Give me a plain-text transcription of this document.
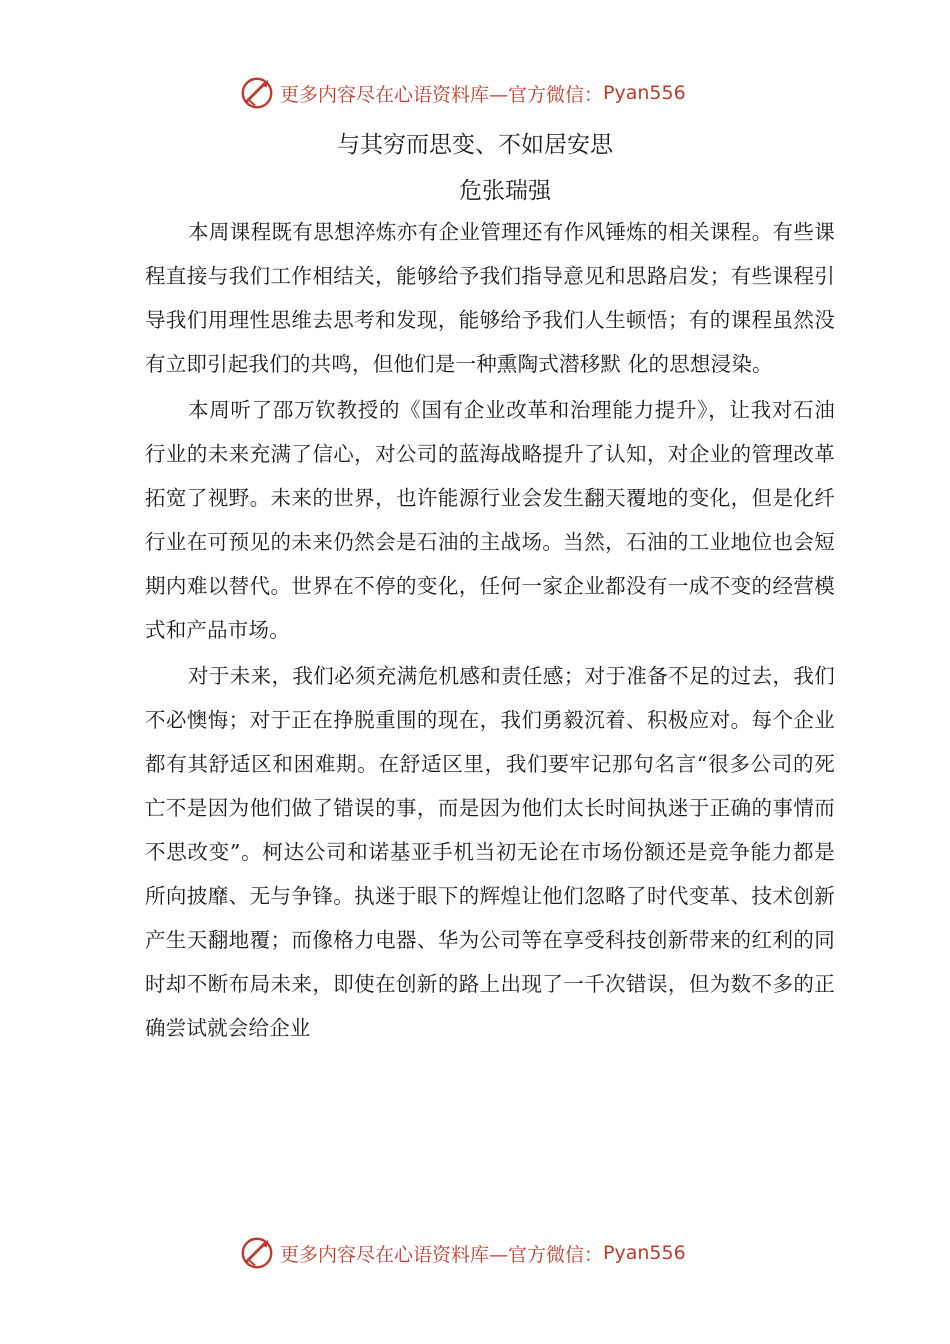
更多内容尽在心语资料库—官方微信： Pyan556
与其穷而思变、不如居安思
危张瑞强

本周课程既有思想淬炼亦有企业管理还有作风锤炼的相关课程。有些课程直接与我们工作相结关，能够给予我们指导意见和思路启发；有些课程引导我们用理性思维去思考和发现，能够给予我们人生顿悟；有的课程虽然没有立即引起我们的共鸣，但他们是一种熏陶式潜移默 化的思想浸染。

本周听了邵万钦教授的《国有企业改革和治理能力提升》，让我对石油行业的未来充满了信心，对公司的蓝海战略提升了认知，对企业的管理改革拓宽了视野。未来的世界，也许能源行业会发生翻天覆地的变化，但是化纤行业在可预见的未来仍然会是石油的主战场。当然，石油的工业地位也会短期内难以替代。世界在不停的变化，任何一家企业都没有一成不变的经营模式和产品市场。

对于未来，我们必须充满危机感和责任感；对于准备不足的过去，我们不必懊悔；对于正在挣脱重围的现在，我们勇毅沉着、积极应对。每个企业都有其舒适区和困难期。在舒适区里，我们要牢记那句名言“很多公司的死亡不是因为他们做了错误的事，而是因为他们太长时间执迷于正确的事情而不思改变”。柯达公司和诺基亚手机当初无论在市场份额还是竞争能力都是所向披靡、无与争锋。执迷于眼下的辉煌让他们忽略了时代变革、技术创新产生天翻地覆；而像格力电器、华为公司等在享受科技创新带来的红利的同时却不断布局未来，即使在创新的路上出现了一千次错误，但为数不多的正确尝试就会给企业

更多内容尽在心语资料库—官方微信： Pyan556
